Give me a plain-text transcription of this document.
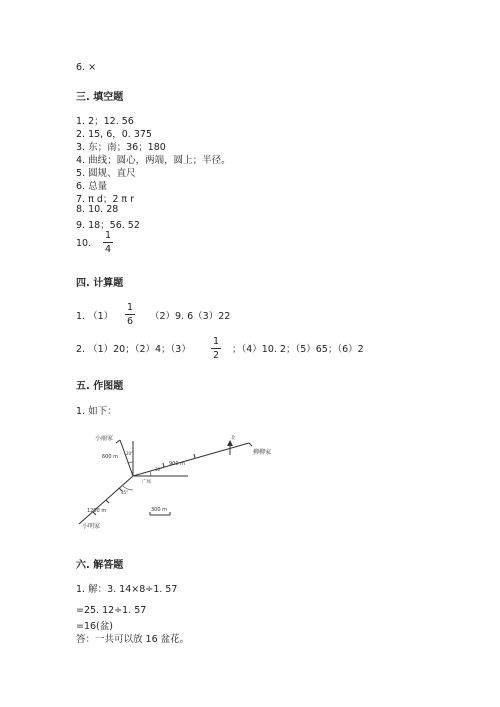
6. ×
三. 填空题
1. 2；12. 56
2. 15, 6，0. 375
3. 东；南；36；180
4. 曲线；圆心，两端，圆上；半径。
5. 圆规、直尺
6. 总量
7. π d；2 π r
8. 10. 28
9. 18；56. 52
10.
1
4
四. 计算题
1. （1）
1
6	（2）9. 6（3）22
2. （1）20；（2）4；（3）
1
2
；（4）10. 2；（5）65；（6）2
五. 作图题
1. 如下：
小丽家
柳柳家
小明家
广场
北
600 m
900 m
1200 m	300 m
20°
30°
45°
六. 解答题
1. 解：3. 14×8÷1. 57
=25. 12÷1. 57
=16(盆)
答：一共可以放 16 盆花。
